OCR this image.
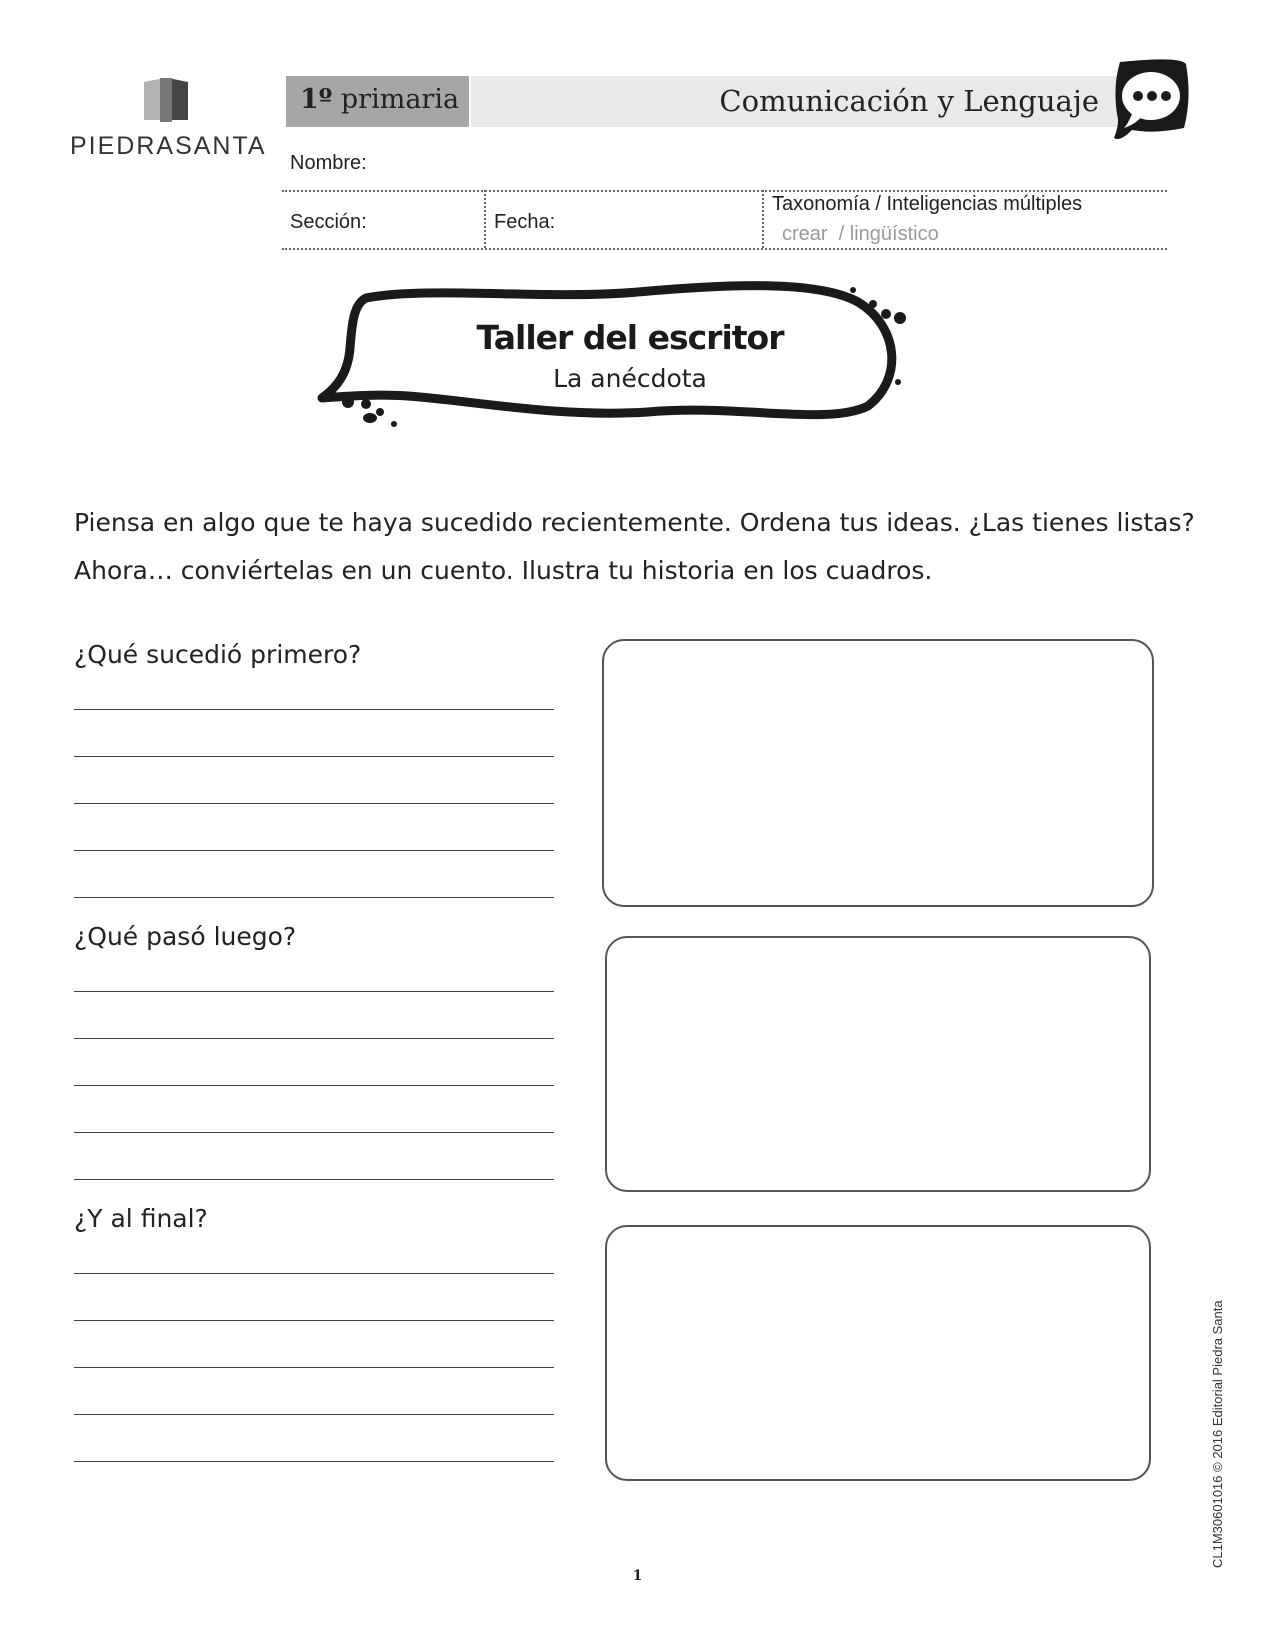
PIEDRASANTA
1º primaria	Comunicación y Lenguaje
Nombre:
Sección:	Fecha:
Taxonomía / Inteligencias múltiples
crear  / lingüístico
Taller del escritor
La anécdota
Piensa en algo que te haya sucedido recientemente. Ordena tus ideas. ¿Las tienes listas?
Ahora… conviértelas en un cuento. Ilustra tu historia en los cuadros.
¿Qué sucedió primero?
¿Qué pasó luego?
¿Y al final?
CL1M30601016 © 2016 Editorial Piedra Santa
1
